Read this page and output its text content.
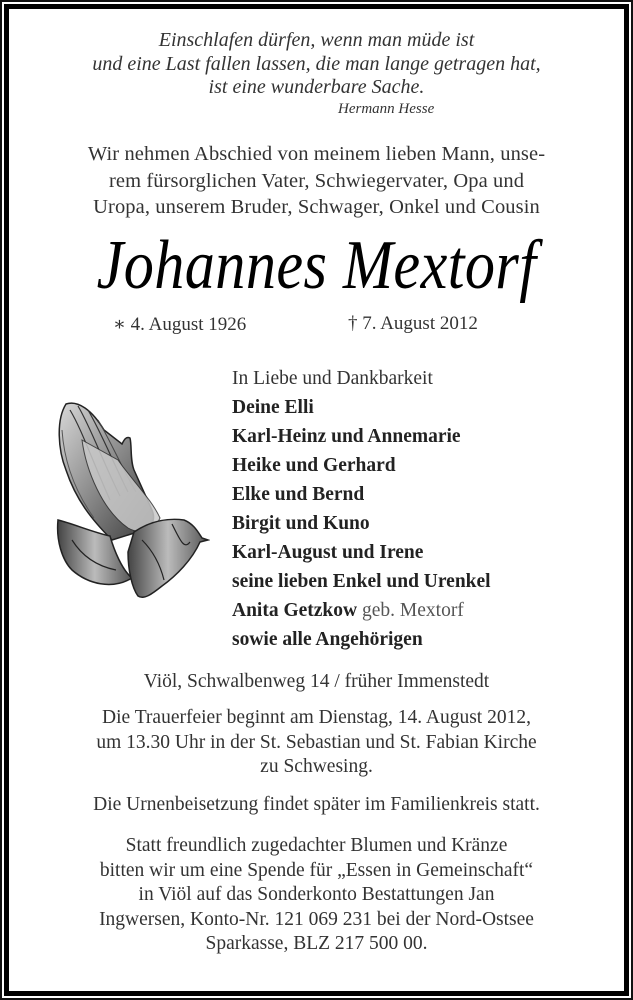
Einschlafen dürfen, wenn man müde ist
und eine Last fallen lassen, die man lange getragen hat,
ist eine wunderbare Sache.
Hermann Hesse
Wir nehmen Abschied von meinem lieben Mann, unse-
rem fürsorglichen Vater, Schwiegervater, Opa und
Uropa, unserem Bruder, Schwager, Onkel und Cousin
Johannes Mextorf
∗ 4. August 1926	† 7. August 2012
In Liebe und Dankbarkeit
Deine Elli
Karl-Heinz und Annemarie
Heike und Gerhard
Elke und Bernd
Birgit und Kuno
Karl-August und Irene
seine lieben Enkel und Urenkel
Anita Getzkow geb. Mextorf
sowie alle Angehörigen
Viöl, Schwalbenweg 14 / früher Immenstedt
Die Trauerfeier beginnt am Dienstag, 14. August 2012,
um 13.30 Uhr in der St. Sebastian und St. Fabian Kirche
zu Schwesing.
Die Urnenbeisetzung findet später im Familienkreis statt.
Statt freundlich zugedachter Blumen und Kränze
bitten wir um eine Spende für „Essen in Gemeinschaft“
in Viöl auf das Sonderkonto Bestattungen Jan
Ingwersen, Konto-Nr. 121 069 231 bei der Nord-Ostsee
Sparkasse, BLZ 217 500 00.
